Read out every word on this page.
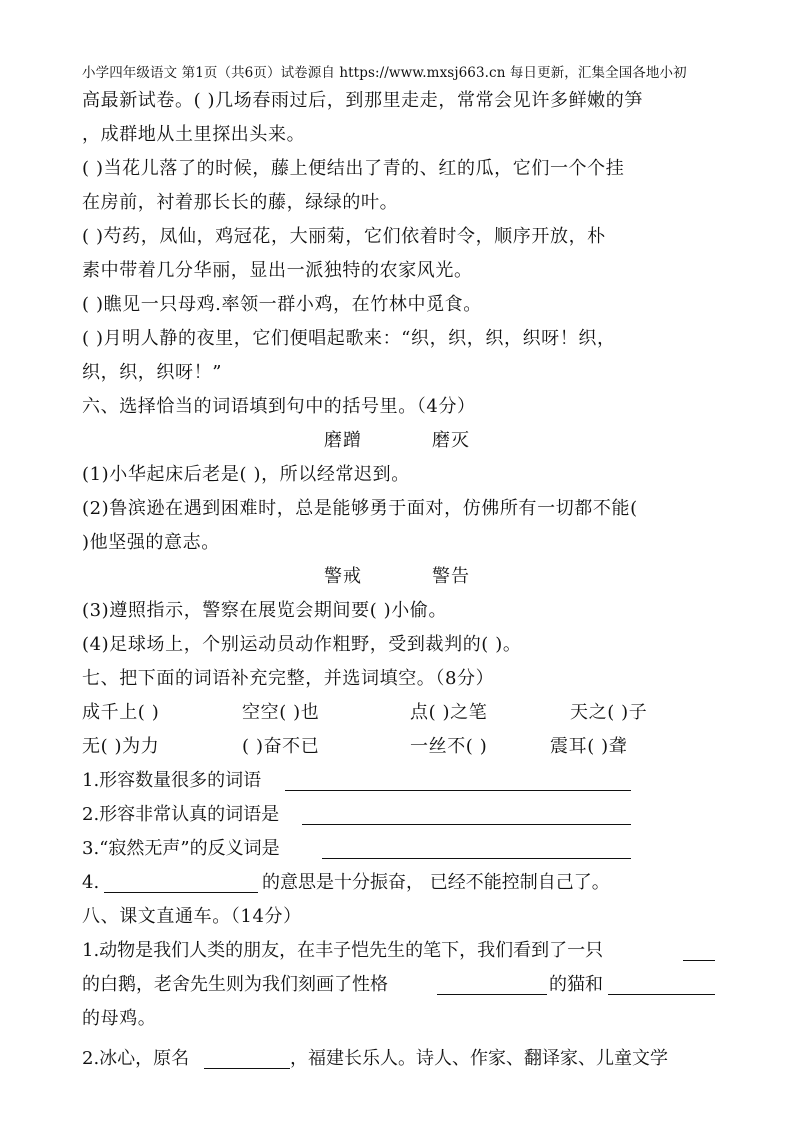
小学四年级语文 第1页（共6页）试卷源自 https://www.mxsj663.cn 每日更新，汇集全国各地小初
高最新试卷。( )几场春雨过后，到那里走走，常常会见许多鲜嫩的笋
，成群地从土里探出头来。
( )当花儿落了的时候，藤上便结出了青的、红的瓜，它们一个个挂
在房前，衬着那长长的藤，绿绿的叶。
( )芍药，凤仙，鸡冠花，大丽菊，它们依着时令，顺序开放，朴
素中带着几分华丽，显出一派独特的农家风光。
( )瞧见一只母鸡.率领一群小鸡，在竹林中觅食。
( )月明人静的夜里，它们便唱起歌来：“织，织，织，织呀！织，
织，织，织呀！”
六、选择恰当的词语填到句中的括号里。（4分）
磨蹭	磨灭
(1)小华起床后老是( )，所以经常迟到。
(2)鲁滨逊在遇到困难时，总是能够勇于面对，仿佛所有一切都不能(
)他坚强的意志。
警戒	警告
(3)遵照指示，警察在展览会期间要( )小偷。
(4)足球场上，个别运动员动作粗野，受到裁判的( )。
七、把下面的词语补充完整，并选词填空。（8分）
成千上( )	空空( )也	点( )之笔	天之( )子
无( )为力	( )奋不已	一丝不( )	震耳( )聋
1.形容数量很多的词语
2.形容非常认真的词语是
3.“寂然无声”的反义词是
4.	的意思是十分振奋， 已经不能控制自己了。
八、课文直通车。（14分）
1.动物是我们人类的朋友，在丰子恺先生的笔下，我们看到了一只
的白鹅，老舍先生则为我们刻画了性格	的猫和
的母鸡。
2.冰心，原名	，福建长乐人。诗人、作家、翻译家、儿童文学
